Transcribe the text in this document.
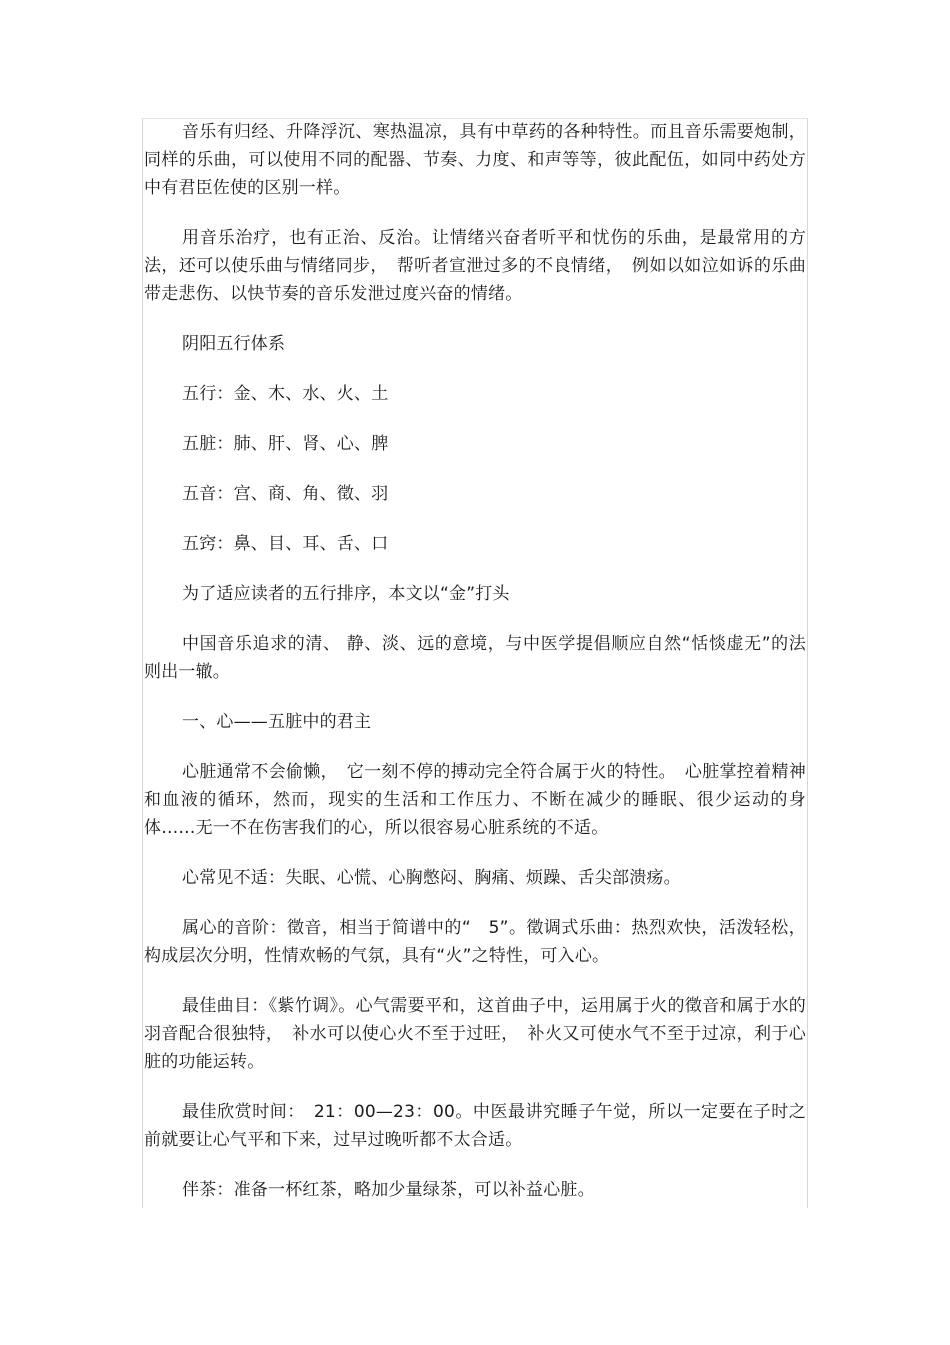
音乐有归经、升降浮沉、寒热温凉，具有中草药的各种特性。而且音乐需要炮制，同样的乐曲，可以使用不同的配器、节奏、力度、和声等等，彼此配伍，如同中药处方中有君臣佐使的区别一样。

用音乐治疗，也有正治、反治。让情绪兴奋者听平和忧伤的乐曲，是最常用的方法，还可以使乐曲与情绪同步，　帮听者宣泄过多的不良情绪，　例如以如泣如诉的乐曲带走悲伤、以快节奏的音乐发泄过度兴奋的情绪。

阴阳五行体系

五行：金、木、水、火、土

五脏：肺、肝、肾、心、脾

五音：宫、商、角、徵、羽

五窍：鼻、目、耳、舌、口

为了适应读者的五行排序，本文以“金”打头

中国音乐追求的清、 静、淡、远的意境，与中医学提倡顺应自然“恬惔虚无”的法则出一辙。

一、心——五脏中的君主

心脏通常不会偷懒，　它一刻不停的搏动完全符合属于火的特性。　心脏掌控着精神和血液的循环，然而，现实的生活和工作压力、不断在减少的睡眠、很少运动的身体……无一不在伤害我们的心，所以很容易心脏系统的不适。

心常见不适：失眠、心慌、心胸憋闷、胸痛、烦躁、舌尖部溃疡。

属心的音阶：徵音，相当于简谱中的“　5”。徵调式乐曲：热烈欢快，活泼轻松，构成层次分明，性情欢畅的气氛，具有“火”之特性，可入心。

最佳曲目：《紫竹调》。心气需要平和，这首曲子中，运用属于火的徵音和属于水的羽音配合很独特，　补水可以使心火不至于过旺，　补火又可使水气不至于过凉，利于心脏的功能运转。

最佳欣赏时间：　21：00—23：00。中医最讲究睡子午觉，所以一定要在子时之前就要让心气平和下来，过早过晚听都不太合适。

伴茶：准备一杯红茶，略加少量绿茶，可以补益心脏。
